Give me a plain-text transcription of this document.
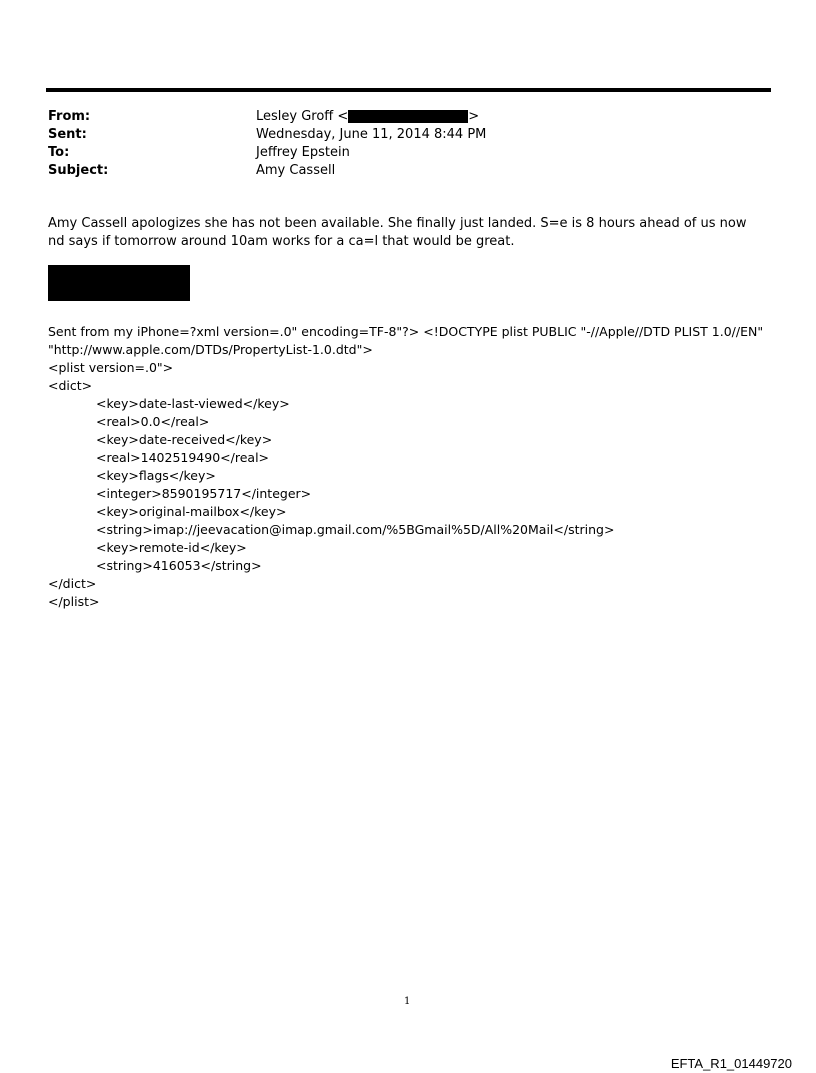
From:	Lesley Groff <	>
Sent:	Wednesday, June 11, 2014 8:44 PM
To:	Jeffrey Epstein
Subject:	Amy Cassell
Amy Cassell apologizes she has not been available. She finally just landed. S=e is 8 hours ahead of us now nd says if tomorrow around 10am works for a ca=l that would be great.
Sent from my iPhone=?xml version=.0" encoding=TF-8"?> <!DOCTYPE plist PUBLIC "-//Apple//DTD PLIST 1.0//EN"
"http://www.apple.com/DTDs/PropertyList-1.0.dtd">
<plist version=.0">
<dict>
<key>date-last-viewed</key>
<real>0.0</real>
<key>date-received</key>
<real>1402519490</real>
<key>flags</key>
<integer>8590195717</integer>
<key>original-mailbox</key>
<string>imap://jeevacation@imap.gmail.com/%5BGmail%5D/All%20Mail</string>
<key>remote-id</key>
<string>416053</string>
</dict>
</plist>
1
EFTA_R1_01449720
